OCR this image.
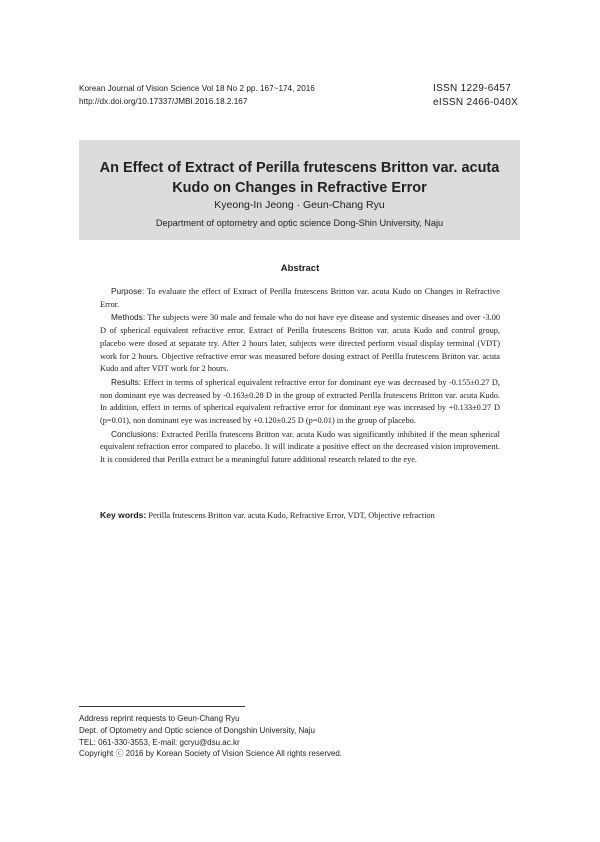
Korean Journal of Vision Science Vol 18 No 2 pp. 167~174, 2016
http://dx.doi.org/10.17337/JMBI.2016.18.2.167
ISSN 1229-6457
eISSN 2466-040X
An Effect of Extract of Perilla frutescens Britton var. acuta
Kudo on Changes in Refractive Error
Kyeong-In Jeong · Geun-Chang Ryu
Department of optometry and optic science Dong-Shin University, Naju
Abstract

Purpose: To evaluate the effect of Extract of Perilla frutescens Britton var. acuta Kudo on Changes in Refractive Error.

Methods: The subjects were 30 male and female who do not have eye disease and systemic diseases and over -3.00 D of spherical equivalent refractive error. Extract of Perilla frutescens Britton var. acuta Kudo and control group, placebo were dosed at separate try. After 2 hours later, subjects were directed perform visual display terminal (VDT) work for 2 hours. Objective refractive error was measured before dosing extract of Perilla frutescens Britton var. acuta Kudo and after VDT work for 2 hours.

Results: Effect in terms of spherical equivalent refractive error for dominant eye was decreased by -0.155±0.27 D, non dominant eye was decreased by -0.163±0.28 D in the group of extracted Perilla frutescens Britton var. acuta Kudo. In addition, effect in terms of spherical equivalent refractive error for dominant eye was increased by +0.133±0.27 D (p=0.01), non dominant eye was increased by +0.120±0.25 D (p=0.01) in the group of placebo.

Conclusions: Extracted Perilla frutescens Britton var. acuta Kudo was significantly inhibited if the mean spherical equivalent refraction error compared to placebo. It will indicate a positive effect on the decreased vision improvement. It is considered that Perilla extract be a meaningful future additional research related to the eye.

Key words: Perilla frutescens Britton var. acuta Kudo, Refractive Error, VDT, Objective refraction
Address reprint requests to Geun-Chang Ryu
Dept. of Optometry and Optic science of Dongshin University, Naju
TEL: 061-330-3553, E-mail: gcryu@dsu.ac.kr
Copyright ⓒ 2016 by Korean Society of Vision Science All rights reserved.
